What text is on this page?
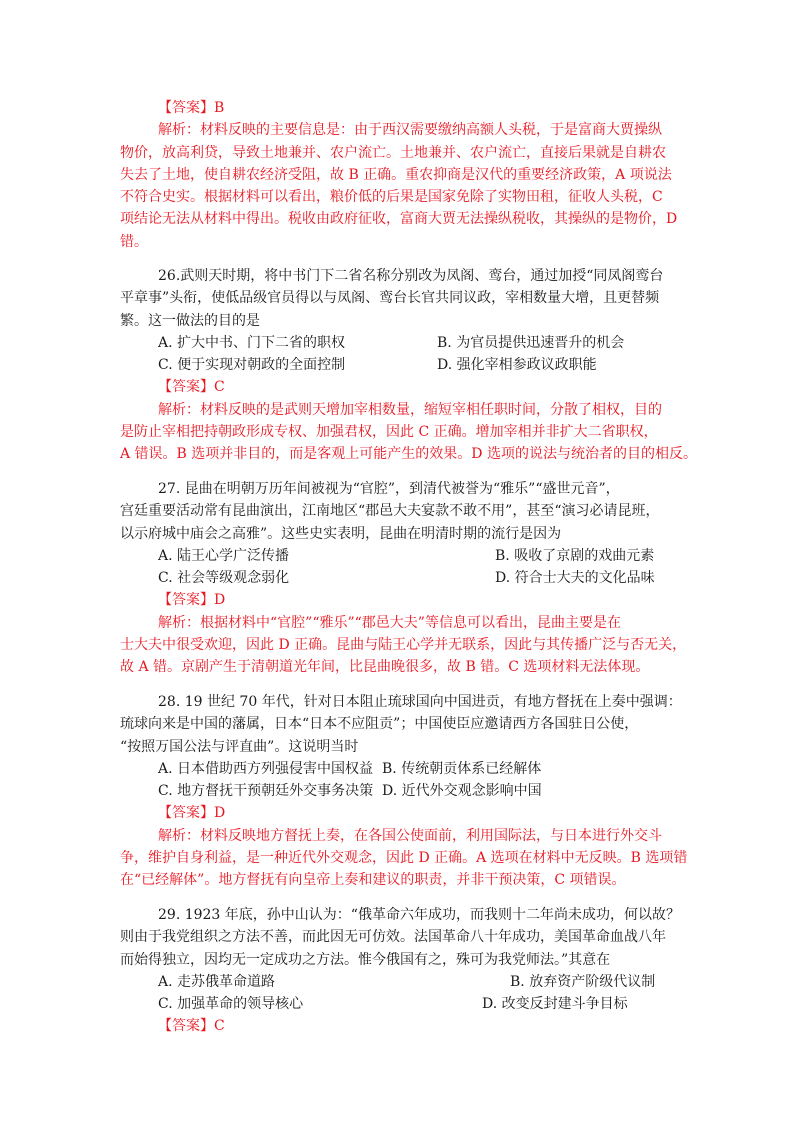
【答案】B
解析：材料反映的主要信息是：由于西汉需要缴纳高额人头税，于是富商大贾操纵
物价，放高利贷，导致土地兼并、农户流亡。土地兼并、农户流亡，直接后果就是自耕农
失去了土地，使自耕农经济受阻，故 B 正确。重农抑商是汉代的重要经济政策，A 项说法
不符合史实。根据材料可以看出，粮价低的后果是国家免除了实物田租，征收人头税，C
项结论无法从材料中得出。税收由政府征收，富商大贾无法操纵税收，其操纵的是物价，D
错。
26.武则天时期，将中书门下二省名称分别改为凤阁、鸾台，通过加授“同凤阁鸾台
平章事”头衔，使低品级官员得以与凤阁、鸾台长官共同议政，宰相数量大增，且更替频
繁。这一做法的目的是
A. 扩大中书、门下二省的职权	B. 为官员提供迅速晋升的机会
C. 便于实现对朝政的全面控制	D. 强化宰相参政议政职能
【答案】C
解析：材料反映的是武则天增加宰相数量，缩短宰相任职时间，分散了相权，目的
是防止宰相把持朝政形成专权、加强君权，因此 C 正确。增加宰相并非扩大二省职权，
A 错误。B 选项并非目的，而是客观上可能产生的效果。D 选项的说法与统治者的目的相反。
27. 昆曲在明朝万历年间被视为“官腔”，到清代被誉为“雅乐”“盛世元音”，
宫廷重要活动常有昆曲演出，江南地区“郡邑大夫宴款不敢不用”，甚至“演习必请昆班，
以示府城中庙会之高雅”。这些史实表明，昆曲在明清时期的流行是因为
A. 陆王心学广泛传播	B. 吸收了京剧的戏曲元素
C. 社会等级观念弱化	D. 符合士大夫的文化品味
【答案】D
解析：根据材料中“官腔”“雅乐”“郡邑大夫”等信息可以看出，昆曲主要是在
士大夫中很受欢迎，因此 D 正确。昆曲与陆王心学并无联系，因此与其传播广泛与否无关，
故 A 错。京剧产生于清朝道光年间，比昆曲晚很多，故 B 错。C 选项材料无法体现。
28. 19 世纪 70 年代，针对日本阻止琉球国向中国进贡，有地方督抚在上奏中强调：
琉球向来是中国的藩属，日本“日本不应阻贡”；中国使臣应邀请西方各国驻日公使，
“按照万国公法与评直曲”。这说明当时
A. 日本借助西方列强侵害中国权益 B. 传统朝贡体系已经解体
C. 地方督抚干预朝廷外交事务决策 D. 近代外交观念影响中国
【答案】D
解析：材料反映地方督抚上奏，在各国公使面前，利用国际法，与日本进行外交斗
争，维护自身利益，是一种近代外交观念，因此 D 正确。A 选项在材料中无反映。B 选项错
在“已经解体”。地方督抚有向皇帝上奏和建议的职责，并非干预决策，C 项错误。
29. 1923 年底，孙中山认为：“俄革命六年成功，而我则十二年尚未成功，何以故？
则由于我党组织之方法不善，而此因无可仿效。法国革命八十年成功，美国革命血战八年
而始得独立，因均无一定成功之方法。惟今俄国有之，殊可为我党师法。”其意在
A. 走苏俄革命道路	B. 放弃资产阶级代议制
C. 加强革命的领导核心	D. 改变反封建斗争目标
【答案】C
